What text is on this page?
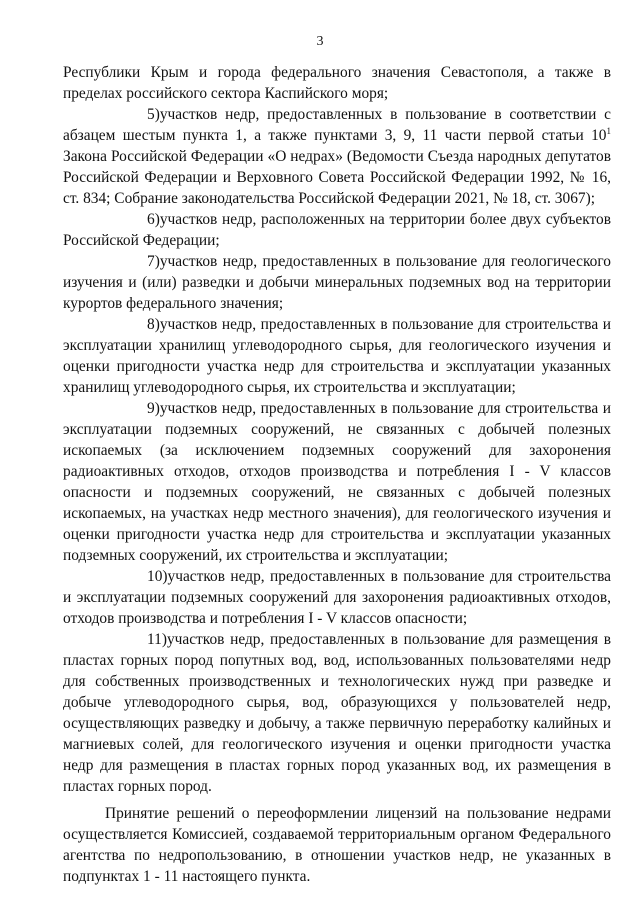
3

Республики Крым и города федерального значения Севастополя, а также в пределах российского сектора Каспийского моря;

5)участков недр, предоставленных в пользование в соответствии с абзацем шестым пункта 1, а также пунктами 3, 9, 11 части первой статьи $10^1$ Закона Российской Федерации «О недрах» (Ведомости Съезда народных депутатов Российской Федерации и Верховного Совета Российской Федерации 1992, № 16, ст. 834; Собрание законодательства Российской Федерации 2021, № 18, ст. 3067);

6)участков недр, расположенных на территории более двух субъектов Российской Федерации;

7)участков недр, предоставленных в пользование для геологического изучения и (или) разведки и добычи минеральных подземных вод на территории курортов федерального значения;

8)участков недр, предоставленных в пользование для строительства и эксплуатации хранилищ углеводородного сырья, для геологического изучения и оценки пригодности участка недр для строительства и эксплуатации указанных хранилищ углеводородного сырья, их строительства и эксплуатации;

9)участков недр, предоставленных в пользование для строительства и эксплуатации подземных сооружений, не связанных с добычей полезных ископаемых (за исключением подземных сооружений для захоронения радиоактивных отходов, отходов производства и потребления I - V классов опасности и подземных сооружений, не связанных с добычей полезных ископаемых, на участках недр местного значения), для геологического изучения и оценки пригодности участка недр для строительства и эксплуатации указанных подземных сооружений, их строительства и эксплуатации;

10)участков недр, предоставленных в пользование для строительства и эксплуатации подземных сооружений для захоронения радиоактивных отходов, отходов производства и потребления I - V классов опасности;

11)участков недр, предоставленных в пользование для размещения в пластах горных пород попутных вод, вод, использованных пользователями недр для собственных производственных и технологических нужд при разведке и добыче углеводородного сырья, вод, образующихся у пользователей недр, осуществляющих разведку и добычу, а также первичную переработку калийных и магниевых солей, для геологического изучения и оценки пригодности участка недр для размещения в пластах горных пород указанных вод, их размещения в пластах горных пород.

Принятие решений о переоформлении лицензий на пользование недрами осуществляется Комиссией, создаваемой территориальным органом Федерального агентства по недропользованию, в отношении участков недр, не указанных в подпунктах 1 - 11 настоящего пункта.
